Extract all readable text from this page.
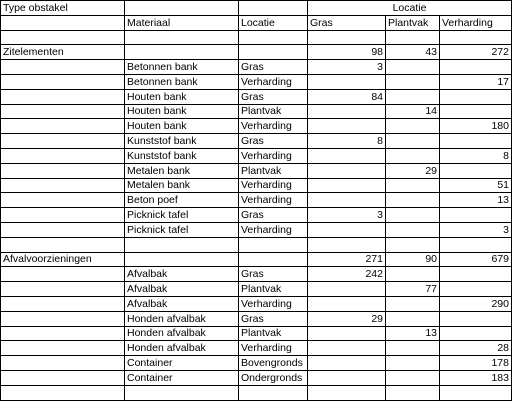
Type obstakel			Locatie		
	Materiaal	Locatie	Gras	Plantvak	Verharding

Zitelementen			98	43	272
	Betonnen bank	Gras	3		
	Betonnen bank	Verharding			17
	Houten bank	Gras	84		
	Houten bank	Plantvak		14	
	Houten bank	Verharding			180
	Kunststof bank	Gras	8		
	Kunststof bank	Verharding			8
	Metalen bank	Plantvak		29	
	Metalen bank	Verharding			51
	Beton poef	Verharding			13
	Picknick tafel	Gras	3		
	Picknick tafel	Verharding			3

Afvalvoorzieningen			271	90	679
	Afvalbak	Gras	242		
	Afvalbak	Plantvak		77	
	Afvalbak	Verharding			290
	Honden afvalbak	Gras	29		
	Honden afvalbak	Plantvak		13	
	Honden afvalbak	Verharding			28
	Container	Bovengronds			178
	Container	Ondergronds			183
